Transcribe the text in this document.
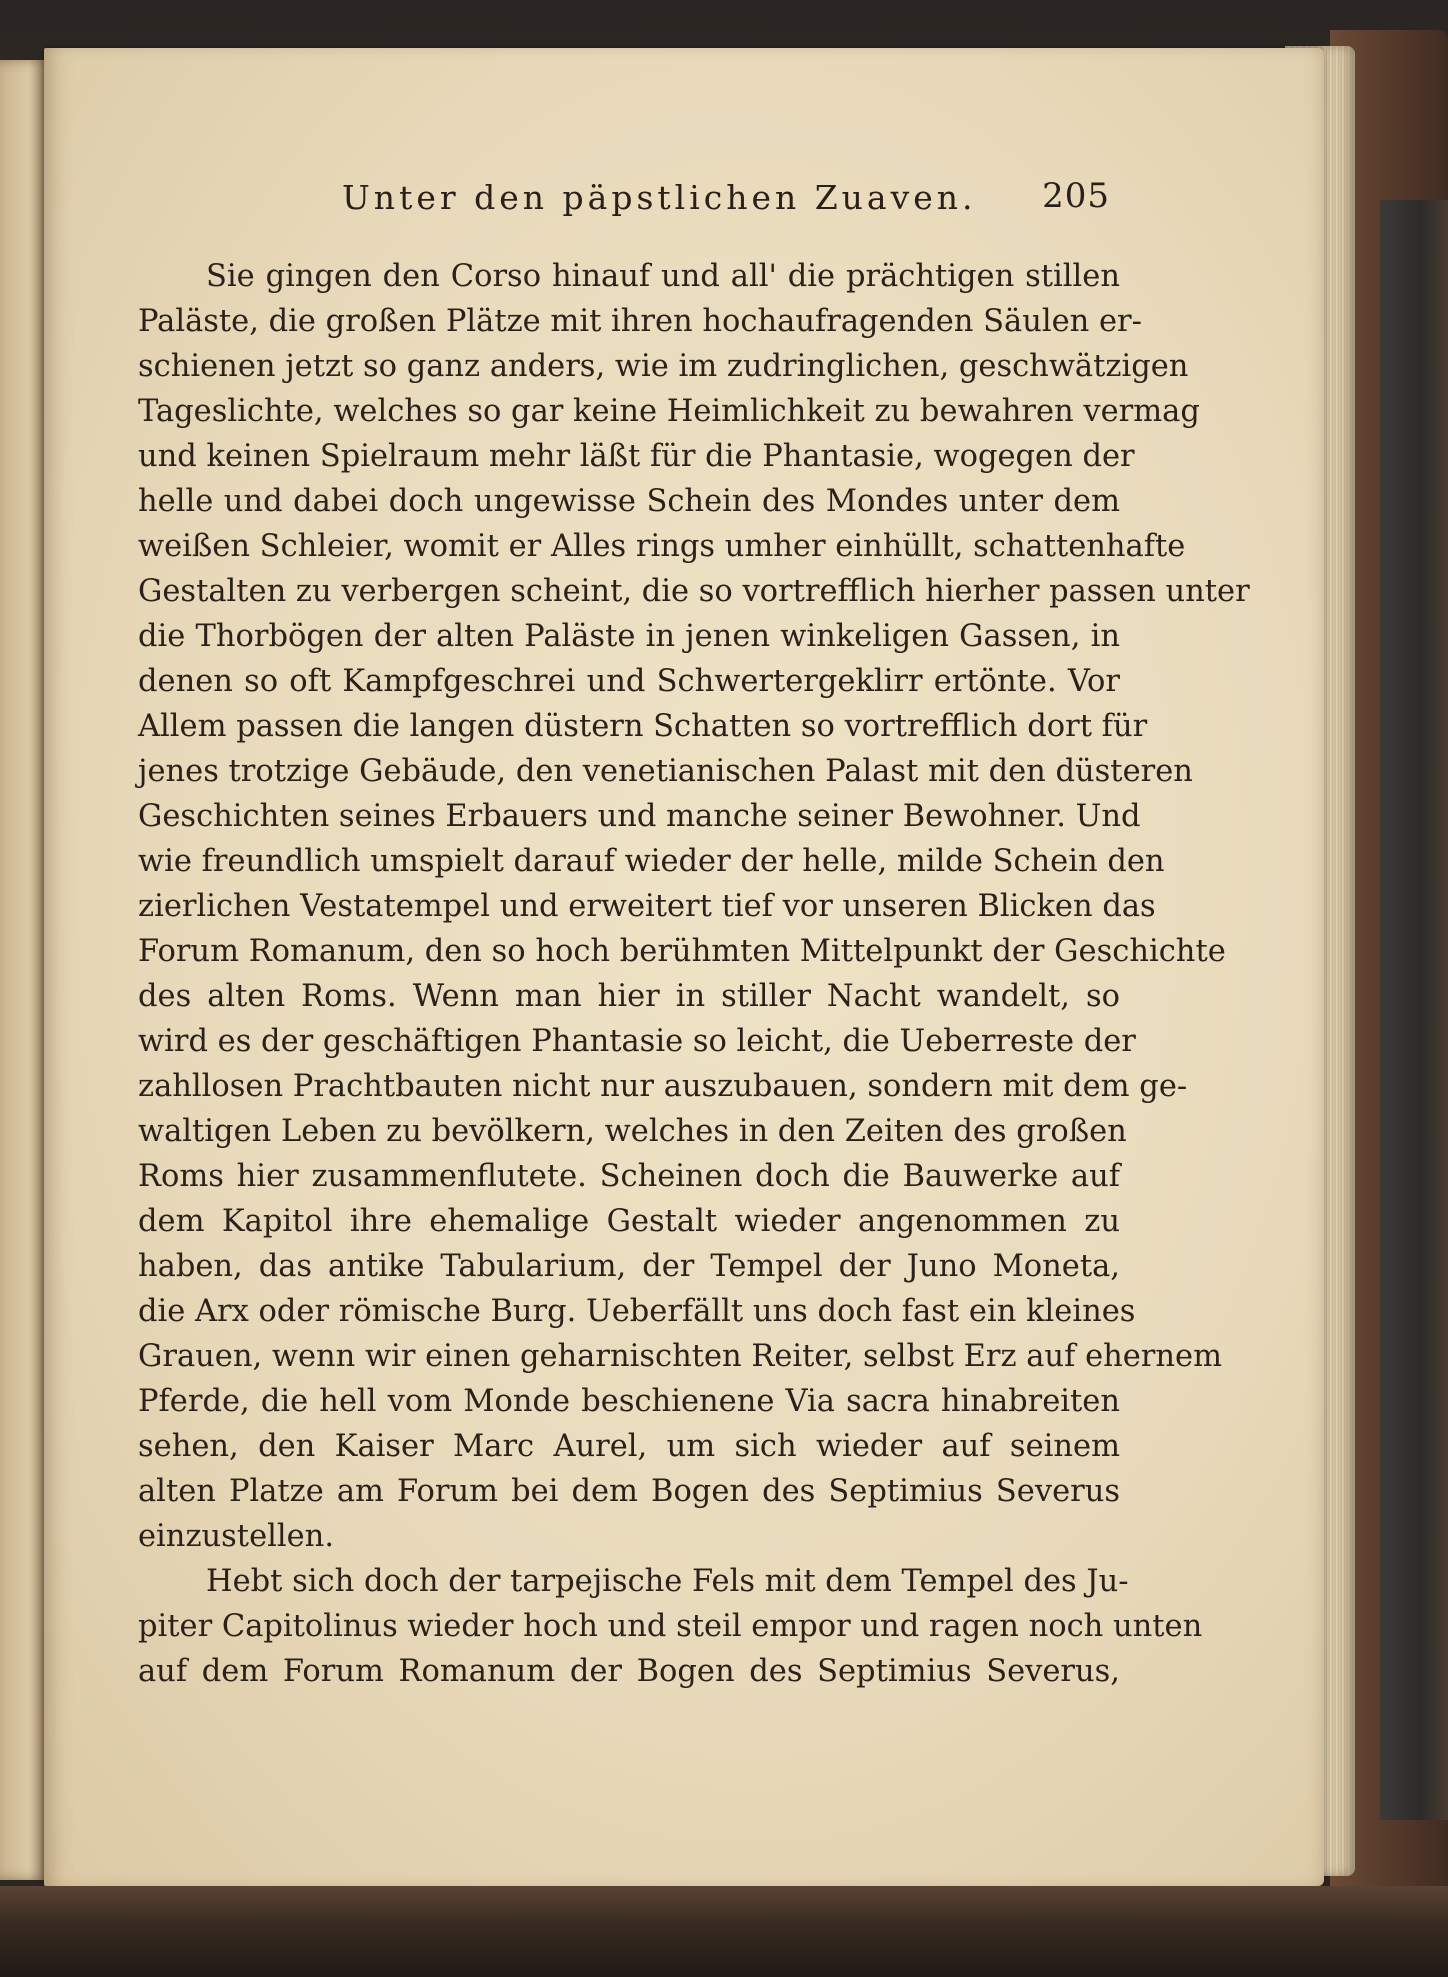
Unter den päpstlichen Zuaven. 205
Sie gingen den Corso hinauf und all' die prächtigen stillen
Paläste, die großen Plätze mit ihren hochaufragenden Säulen er-
schienen jetzt so ganz anders, wie im zudringlichen, geschwätzigen
Tageslichte, welches so gar keine Heimlichkeit zu bewahren vermag
und keinen Spielraum mehr läßt für die Phantasie, wogegen der
helle und dabei doch ungewisse Schein des Mondes unter dem
weißen Schleier, womit er Alles rings umher einhüllt, schattenhafte
Gestalten zu verbergen scheint, die so vortrefflich hierher passen unter
die Thorbögen der alten Paläste in jenen winkeligen Gassen, in
denen so oft Kampfgeschrei und Schwertergeklirr ertönte. Vor
Allem passen die langen düstern Schatten so vortrefflich dort für
jenes trotzige Gebäude, den venetianischen Palast mit den düsteren
Geschichten seines Erbauers und manche seiner Bewohner. Und
wie freundlich umspielt darauf wieder der helle, milde Schein den
zierlichen Vestatempel und erweitert tief vor unseren Blicken das
Forum Romanum, den so hoch berühmten Mittelpunkt der Geschichte
des alten Roms. Wenn man hier in stiller Nacht wandelt, so
wird es der geschäftigen Phantasie so leicht, die Ueberreste der
zahllosen Prachtbauten nicht nur auszubauen, sondern mit dem ge-
waltigen Leben zu bevölkern, welches in den Zeiten des großen
Roms hier zusammenflutete. Scheinen doch die Bauwerke auf
dem Kapitol ihre ehemalige Gestalt wieder angenommen zu
haben, das antike Tabularium, der Tempel der Juno Moneta,
die Arx oder römische Burg. Ueberfällt uns doch fast ein kleines
Grauen, wenn wir einen geharnischten Reiter, selbst Erz auf ehernem
Pferde, die hell vom Monde beschienene Via sacra hinabreiten
sehen, den Kaiser Marc Aurel, um sich wieder auf seinem
alten Platze am Forum bei dem Bogen des Septimius Severus
einzustellen.
Hebt sich doch der tarpejische Fels mit dem Tempel des Ju-
piter Capitolinus wieder hoch und steil empor und ragen noch unten
auf dem Forum Romanum der Bogen des Septimius Severus,
